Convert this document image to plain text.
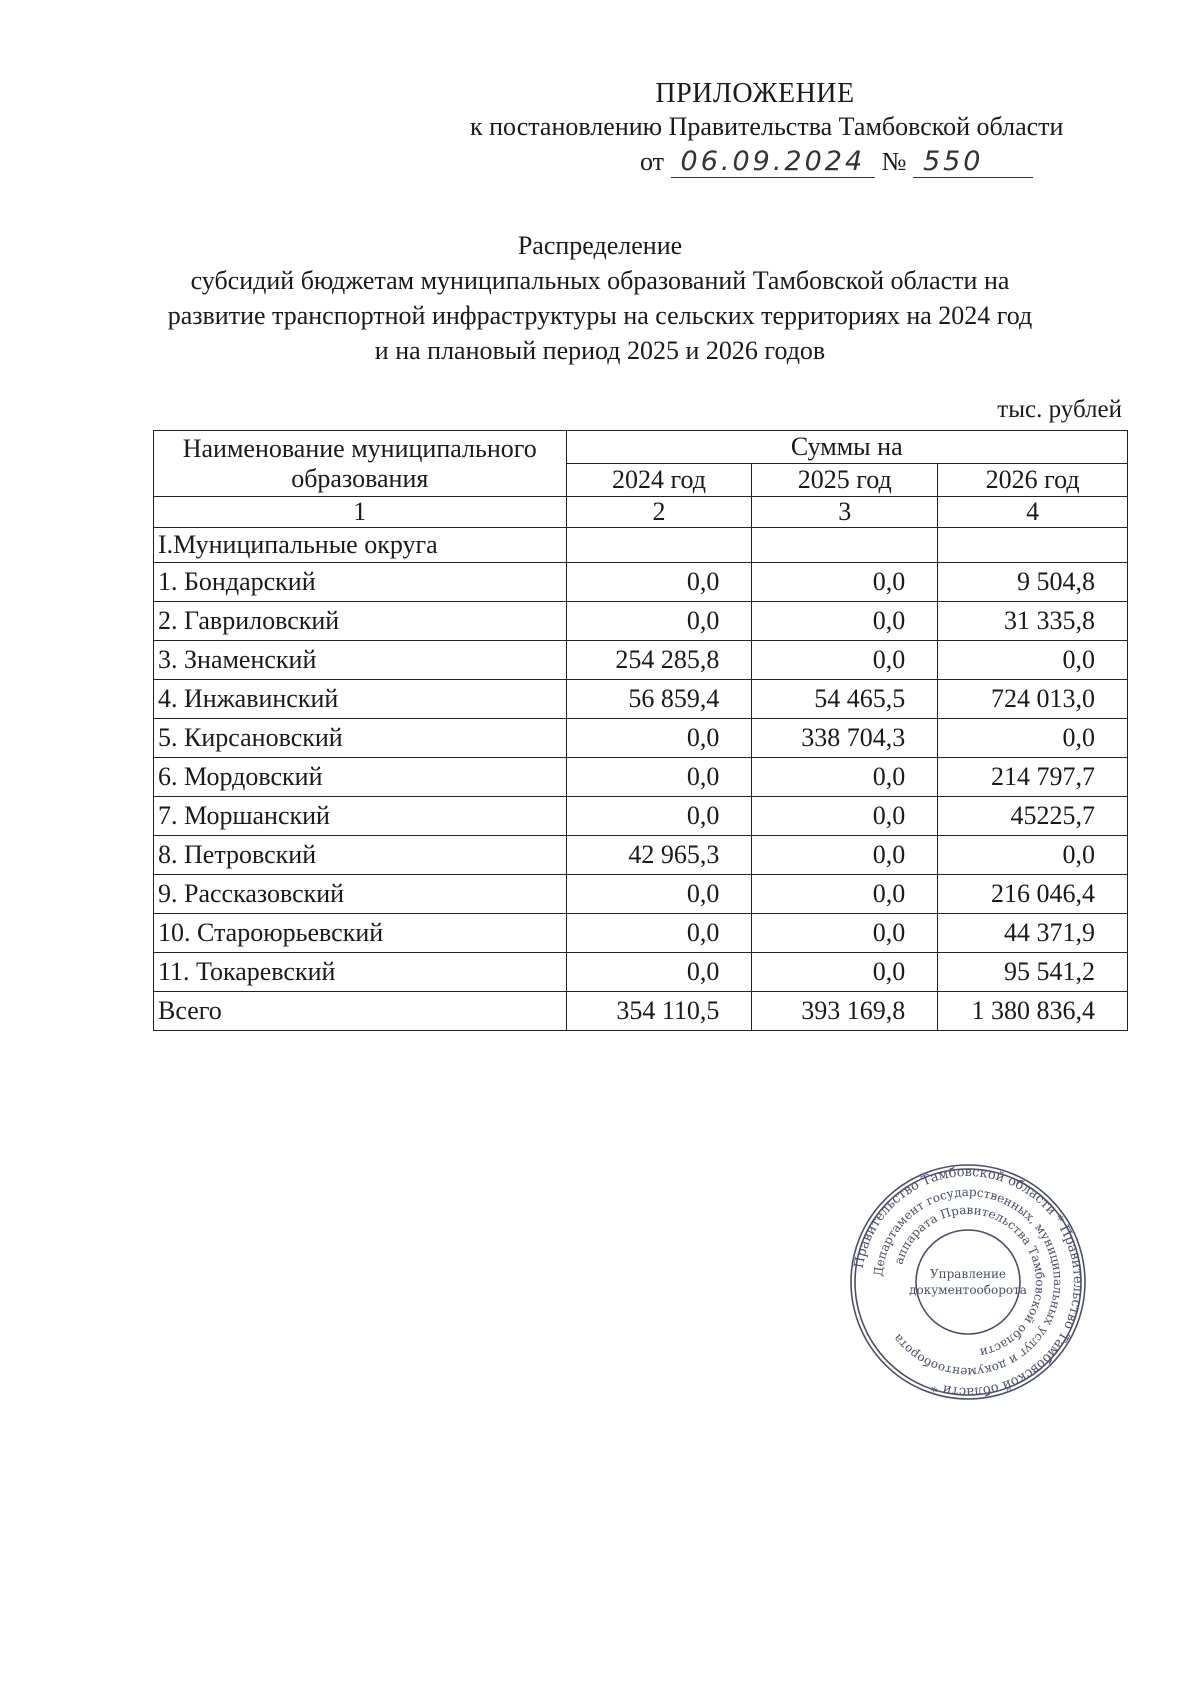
ПРИЛОЖЕНИЕ
к постановлению Правительства Тамбовской области
от 06.09.2024 № 550
Распределение
субсидий бюджетам муниципальных образований Тамбовской области на
развитие транспортной инфраструктуры на сельских территориях на 2024 год
и на плановый период 2025 и 2026 годов
тыс. рублей
Наименование муниципального образования	Суммы на		
	2024 год	2025 год	2026 год
1	2	3	4
I.Муниципальные округа			
1. Бондарский	0,0	0,0	9 504,8
2. Гавриловский	0,0	0,0	31 335,8
3. Знаменский	254 285,8	0,0	0,0
4. Инжавинский	56 859,4	54 465,5	724 013,0
5. Кирсановский	0,0	338 704,3	0,0
6. Мордовский	0,0	0,0	214 797,7
7. Моршанский	0,0	0,0	45225,7
8. Петровский	42 965,3	0,0	0,0
9. Рассказовский	0,0	0,0	216 046,4
10. Староюрьевский	0,0	0,0	44 371,9
11. Токаревский	0,0	0,0	95 541,2
Всего	354 110,5	393 169,8	1 380 836,4
Правительство Тамбовской области * Правительство Тамбовской области *
Департамент государственных, муниципальных услуг и документооборота
аппарата Правительства Тамбовской области
Управление
документооборота
